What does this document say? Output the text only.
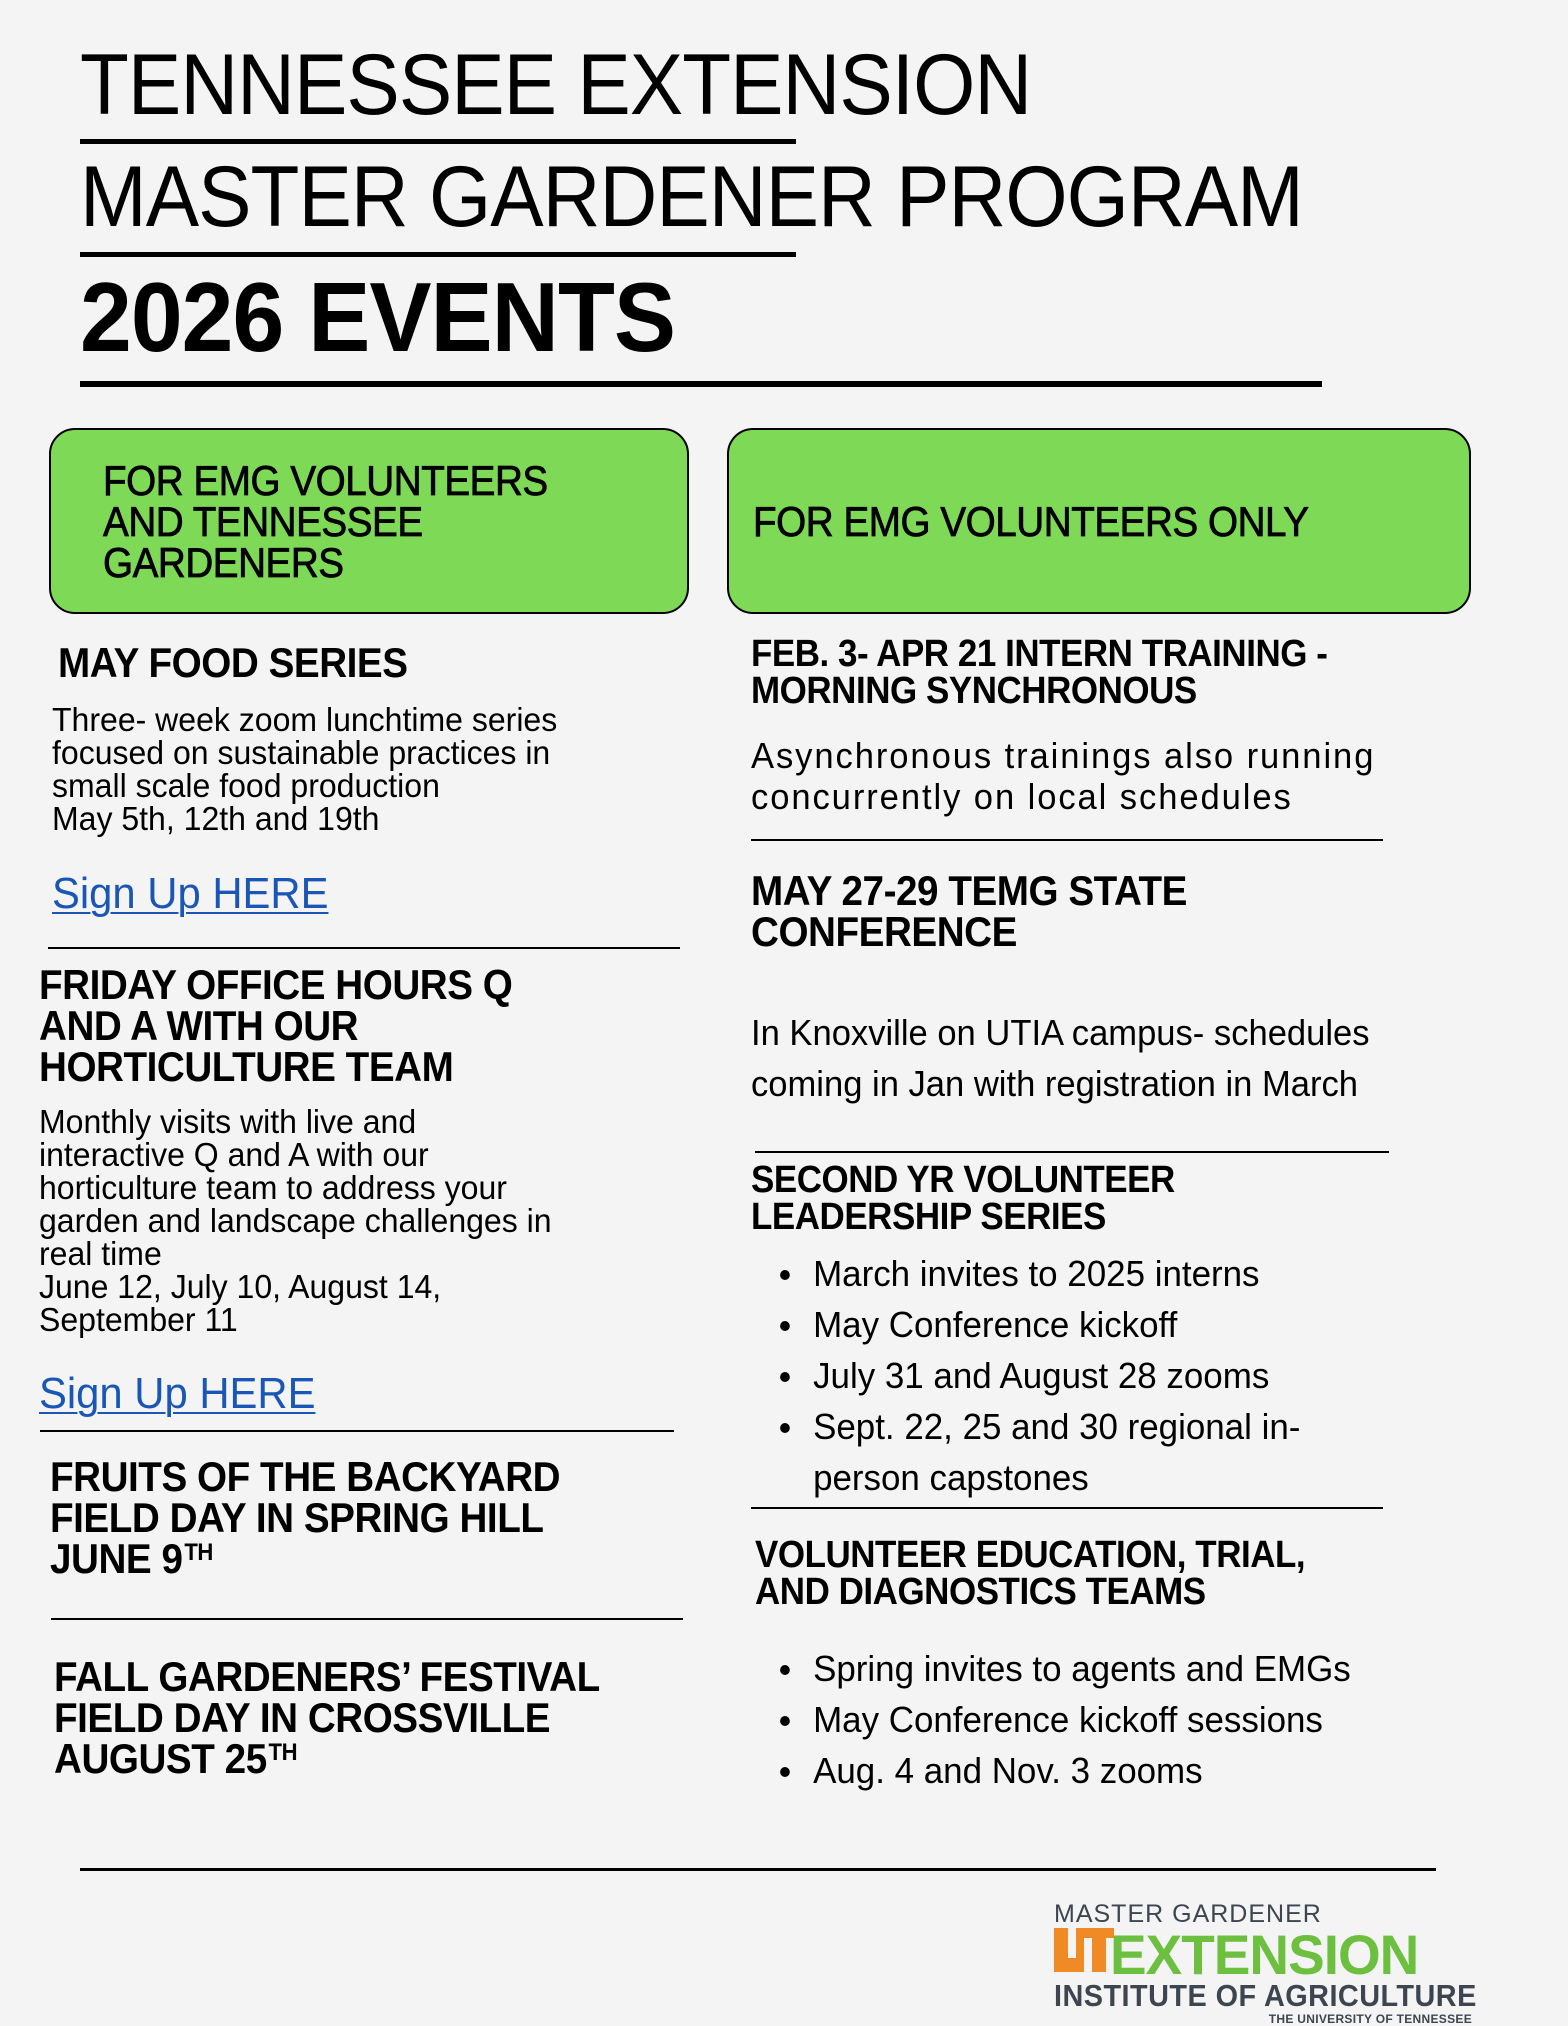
TENNESSEE EXTENSION
MASTER GARDENER PROGRAM
2026 EVENTS
FOR EMG VOLUNTEERS
AND TENNESSEE
GARDENERS
MAY FOOD SERIES
Three- week zoom lunchtime series
focused on sustainable practices in
small scale food production
May 5th, 12th and 19th
Sign Up HERE
FRIDAY OFFICE HOURS Q
AND A WITH OUR
HORTICULTURE TEAM
Monthly visits with live and
interactive Q and A with our
horticulture team to address your
garden and landscape challenges in
real time
June 12, July 10, August 14,
September 11
Sign Up HERE
FRUITS OF THE BACKYARD
FIELD DAY IN SPRING HILL
JUNE 9TH
FALL GARDENERS’ FESTIVAL
FIELD DAY IN CROSSVILLE
AUGUST 25TH
FOR EMG VOLUNTEERS ONLY
FEB. 3- APR 21 INTERN TRAINING -
MORNING SYNCHRONOUS
Asynchronous trainings also running
concurrently on local schedules
MAY 27-29 TEMG STATE
CONFERENCE
In Knoxville on UTIA campus- schedules
coming in Jan with registration in March
SECOND YR VOLUNTEER
LEADERSHIP SERIES
March invites to 2025 interns
May Conference kickoff
July 31 and August 28 zooms
Sept. 22, 25 and 30 regional in-
person capstones
VOLUNTEER EDUCATION, TRIAL,
AND DIAGNOSTICS TEAMS
Spring invites to agents and EMGs
May Conference kickoff sessions
Aug. 4 and Nov. 3 zooms
MASTER GARDENER
EXTENSION
INSTITUTE OF AGRICULTURE
THE UNIVERSITY OF TENNESSEE
